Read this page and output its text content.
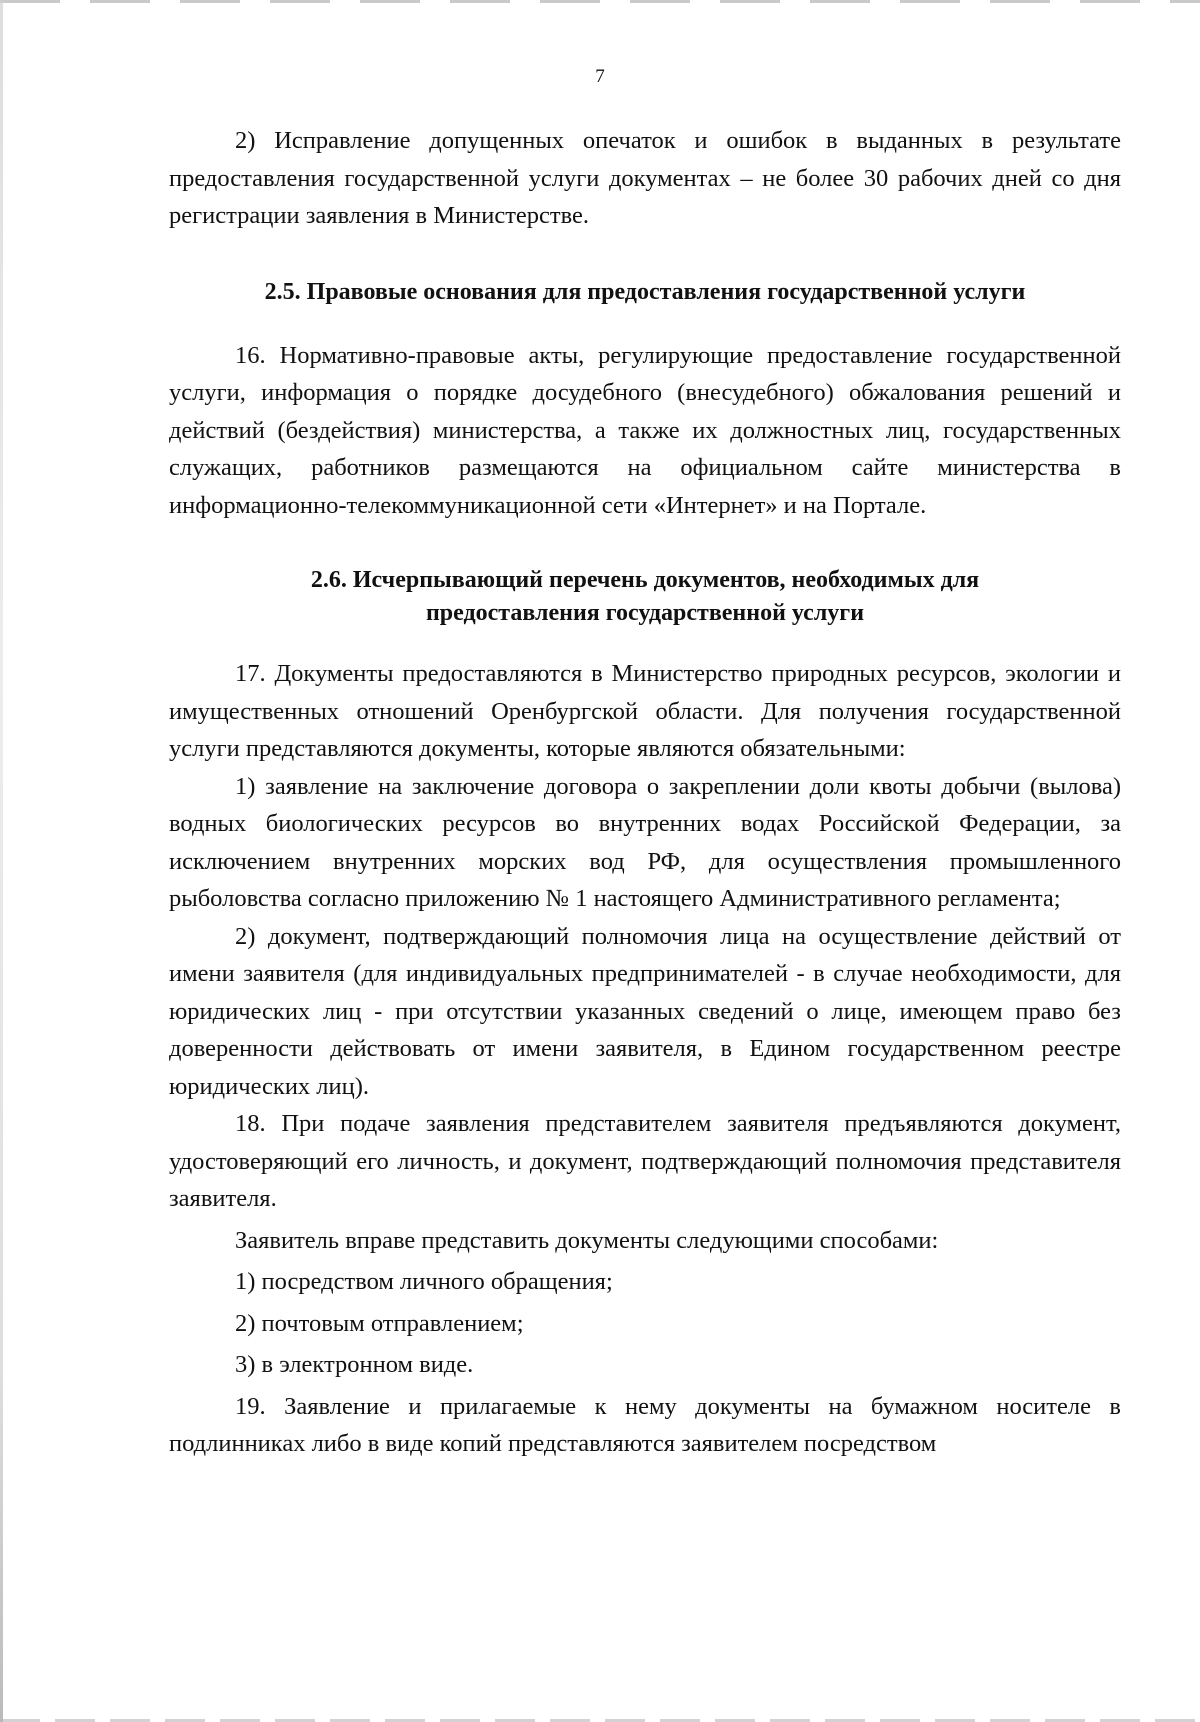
7

2) Исправление допущенных опечаток и ошибок в выданных в результате предоставления государственной услуги документах – не более 30 рабочих дней со дня регистрации заявления в Министерстве.

2.5. Правовые основания для предоставления государственной услуги

16. Нормативно-правовые акты, регулирующие предоставление государственной услуги, информация о порядке досудебного (внесудебного) обжалования решений и действий (бездействия) министерства, а также их должностных лиц, государственных служащих, работников размещаются на официальном сайте министерства в информационно-телекоммуникационной сети «Интернет» и на Портале.

2.6. Исчерпывающий перечень документов, необходимых для
предоставления государственной услуги

17. Документы предоставляются в Министерство природных ресурсов, экологии и имущественных отношений Оренбургской области. Для получения государственной услуги представляются документы, которые являются обязательными:

1) заявление на заключение договора о закреплении доли квоты добычи (вылова) водных биологических ресурсов во внутренних водах Российской Федерации, за исключением внутренних морских вод РФ, для осуществления промышленного рыболовства согласно приложению № 1 настоящего Административного регламента;

2) документ, подтверждающий полномочия лица на осуществление действий от имени заявителя (для индивидуальных предпринимателей - в случае необходимости, для юридических лиц - при отсутствии указанных сведений о лице, имеющем право без доверенности действовать от имени заявителя, в Едином государственном реестре юридических лиц).

18. При подаче заявления представителем заявителя предъявляются документ, удостоверяющий его личность, и документ, подтверждающий полномочия представителя заявителя.

Заявитель вправе представить документы следующими способами:

1) посредством личного обращения;

2) почтовым отправлением;

3) в электронном виде.

19. Заявление и прилагаемые к нему документы на бумажном носителе в подлинниках либо в виде копий представляются заявителем посредством
